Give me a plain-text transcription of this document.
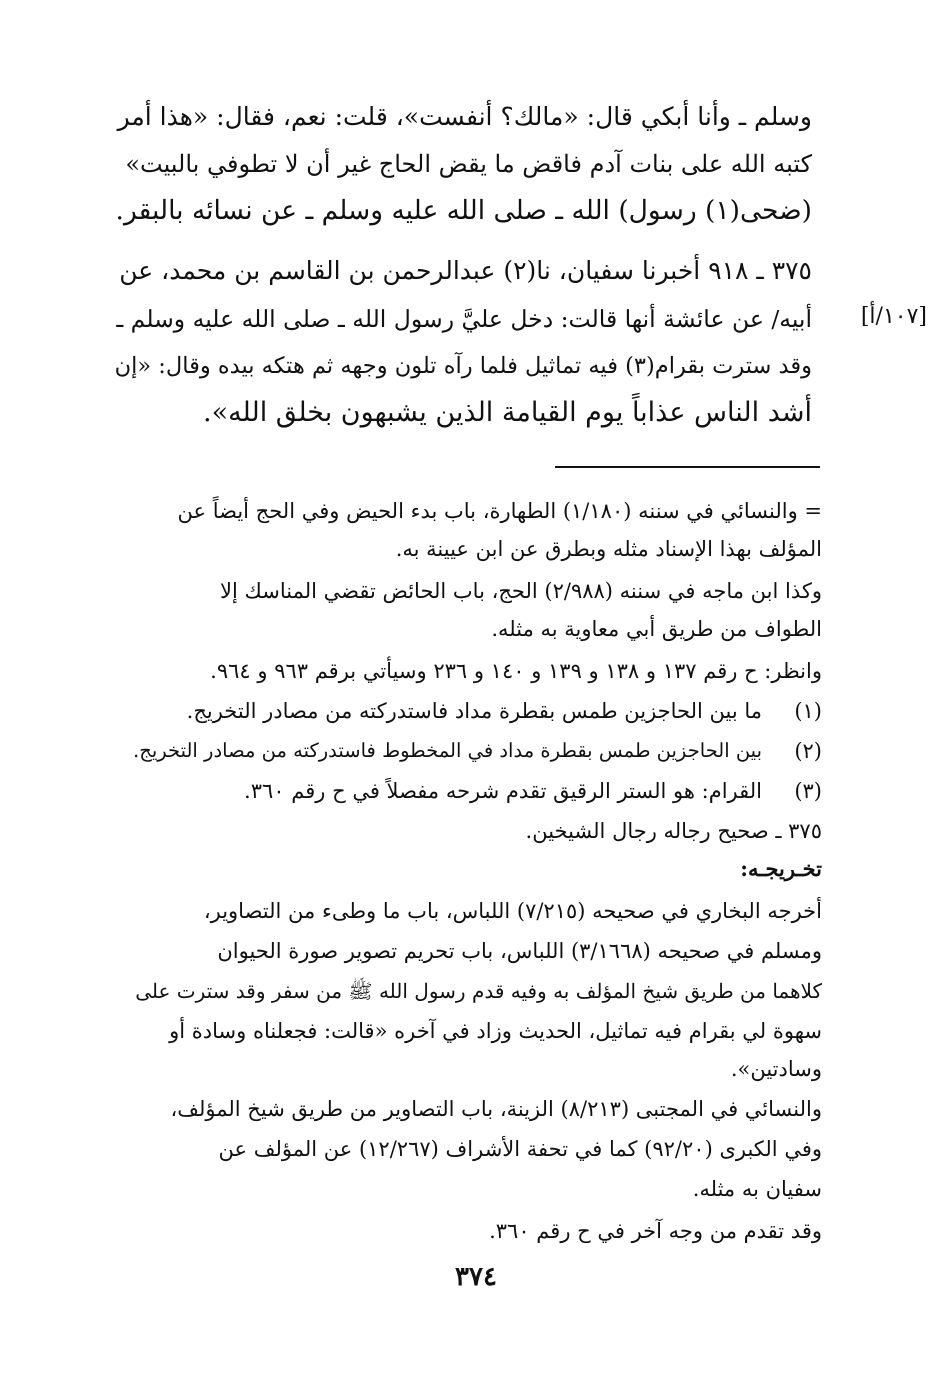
وسلم ـ وأنا أبكي قال: «مالك؟ أنفست»، قلت: نعم، فقال: «هذا أمر
كتبه الله على بنات آدم فاقض ما يقض الحاج غير أن لا تطوفي بالبيت»
(ضحى(١) رسول) الله ـ صلى الله عليه وسلم ـ عن نسائه بالبقر.
٣٧٥ ـ ٩١٨ أخبرنا سفيان، نا(٢) عبدالرحمن بن القاسم بن محمد، عن
أبيه/ عن عائشة أنها قالت: دخل عليَّ رسول الله ـ صلى الله عليه وسلم ـ
وقد سترت بقرام(٣) فيه تماثيل فلما رآه تلون وجهه ثم هتكه بيده وقال: «إن
أشد الناس عذاباً يوم القيامة الذين يشبهون بخلق الله».
[١٠٧/أ]
= والنسائي في سننه (١/١٨٠) الطهارة، باب بدء الحيض وفي الحج أيضاً عن
المؤلف بهذا الإسناد مثله وبطرق عن ابن عيينة به.
وكذا ابن ماجه في سننه (٢/٩٨٨) الحج، باب الحائض تقضي المناسك إلا
الطواف من طريق أبي معاوية به مثله.
وانظر: ح رقم ١٣٧ و ١٣٨ و ١٣٩ و ١٤٠ و ٢٣٦ وسيأتي برقم ٩٦٣ و ٩٦٤.
(١)
ما بين الحاجزين طمس بقطرة مداد فاستدركته من مصادر التخريج.
(٢)
بين الحاجزين طمس بقطرة مداد في المخطوط فاستدركته من مصادر التخريج.
(٣)
القرام: هو الستر الرقيق تقدم شرحه مفصلاً في ح رقم ٣٦٠.
٣٧٥ ـ صحيح رجاله رجال الشيخين.
تخـريجـه:
أخرجه البخاري في صحيحه (٧/٢١٥) اللباس، باب ما وطىء من التصاوير،
ومسلم في صحيحه (٣/١٦٦٨) اللباس، باب تحريم تصوير صورة الحيوان
كلاهما من طريق شيخ المؤلف به وفيه قدم رسول الله ﷺ من سفر وقد سترت على
سهوة لي بقرام فيه تماثيل، الحديث وزاد في آخره «قالت: فجعلناه وسادة أو
وسادتين».
والنسائي في المجتبى (٨/٢١٣) الزينة، باب التصاوير من طريق شيخ المؤلف،
وفي الكبرى (٩٢/٢٠) كما في تحفة الأشراف (١٢/٢٦٧) عن المؤلف عن
سفيان به مثله.
وقد تقدم من وجه آخر في ح رقم ٣٦٠.
٣٧٤
